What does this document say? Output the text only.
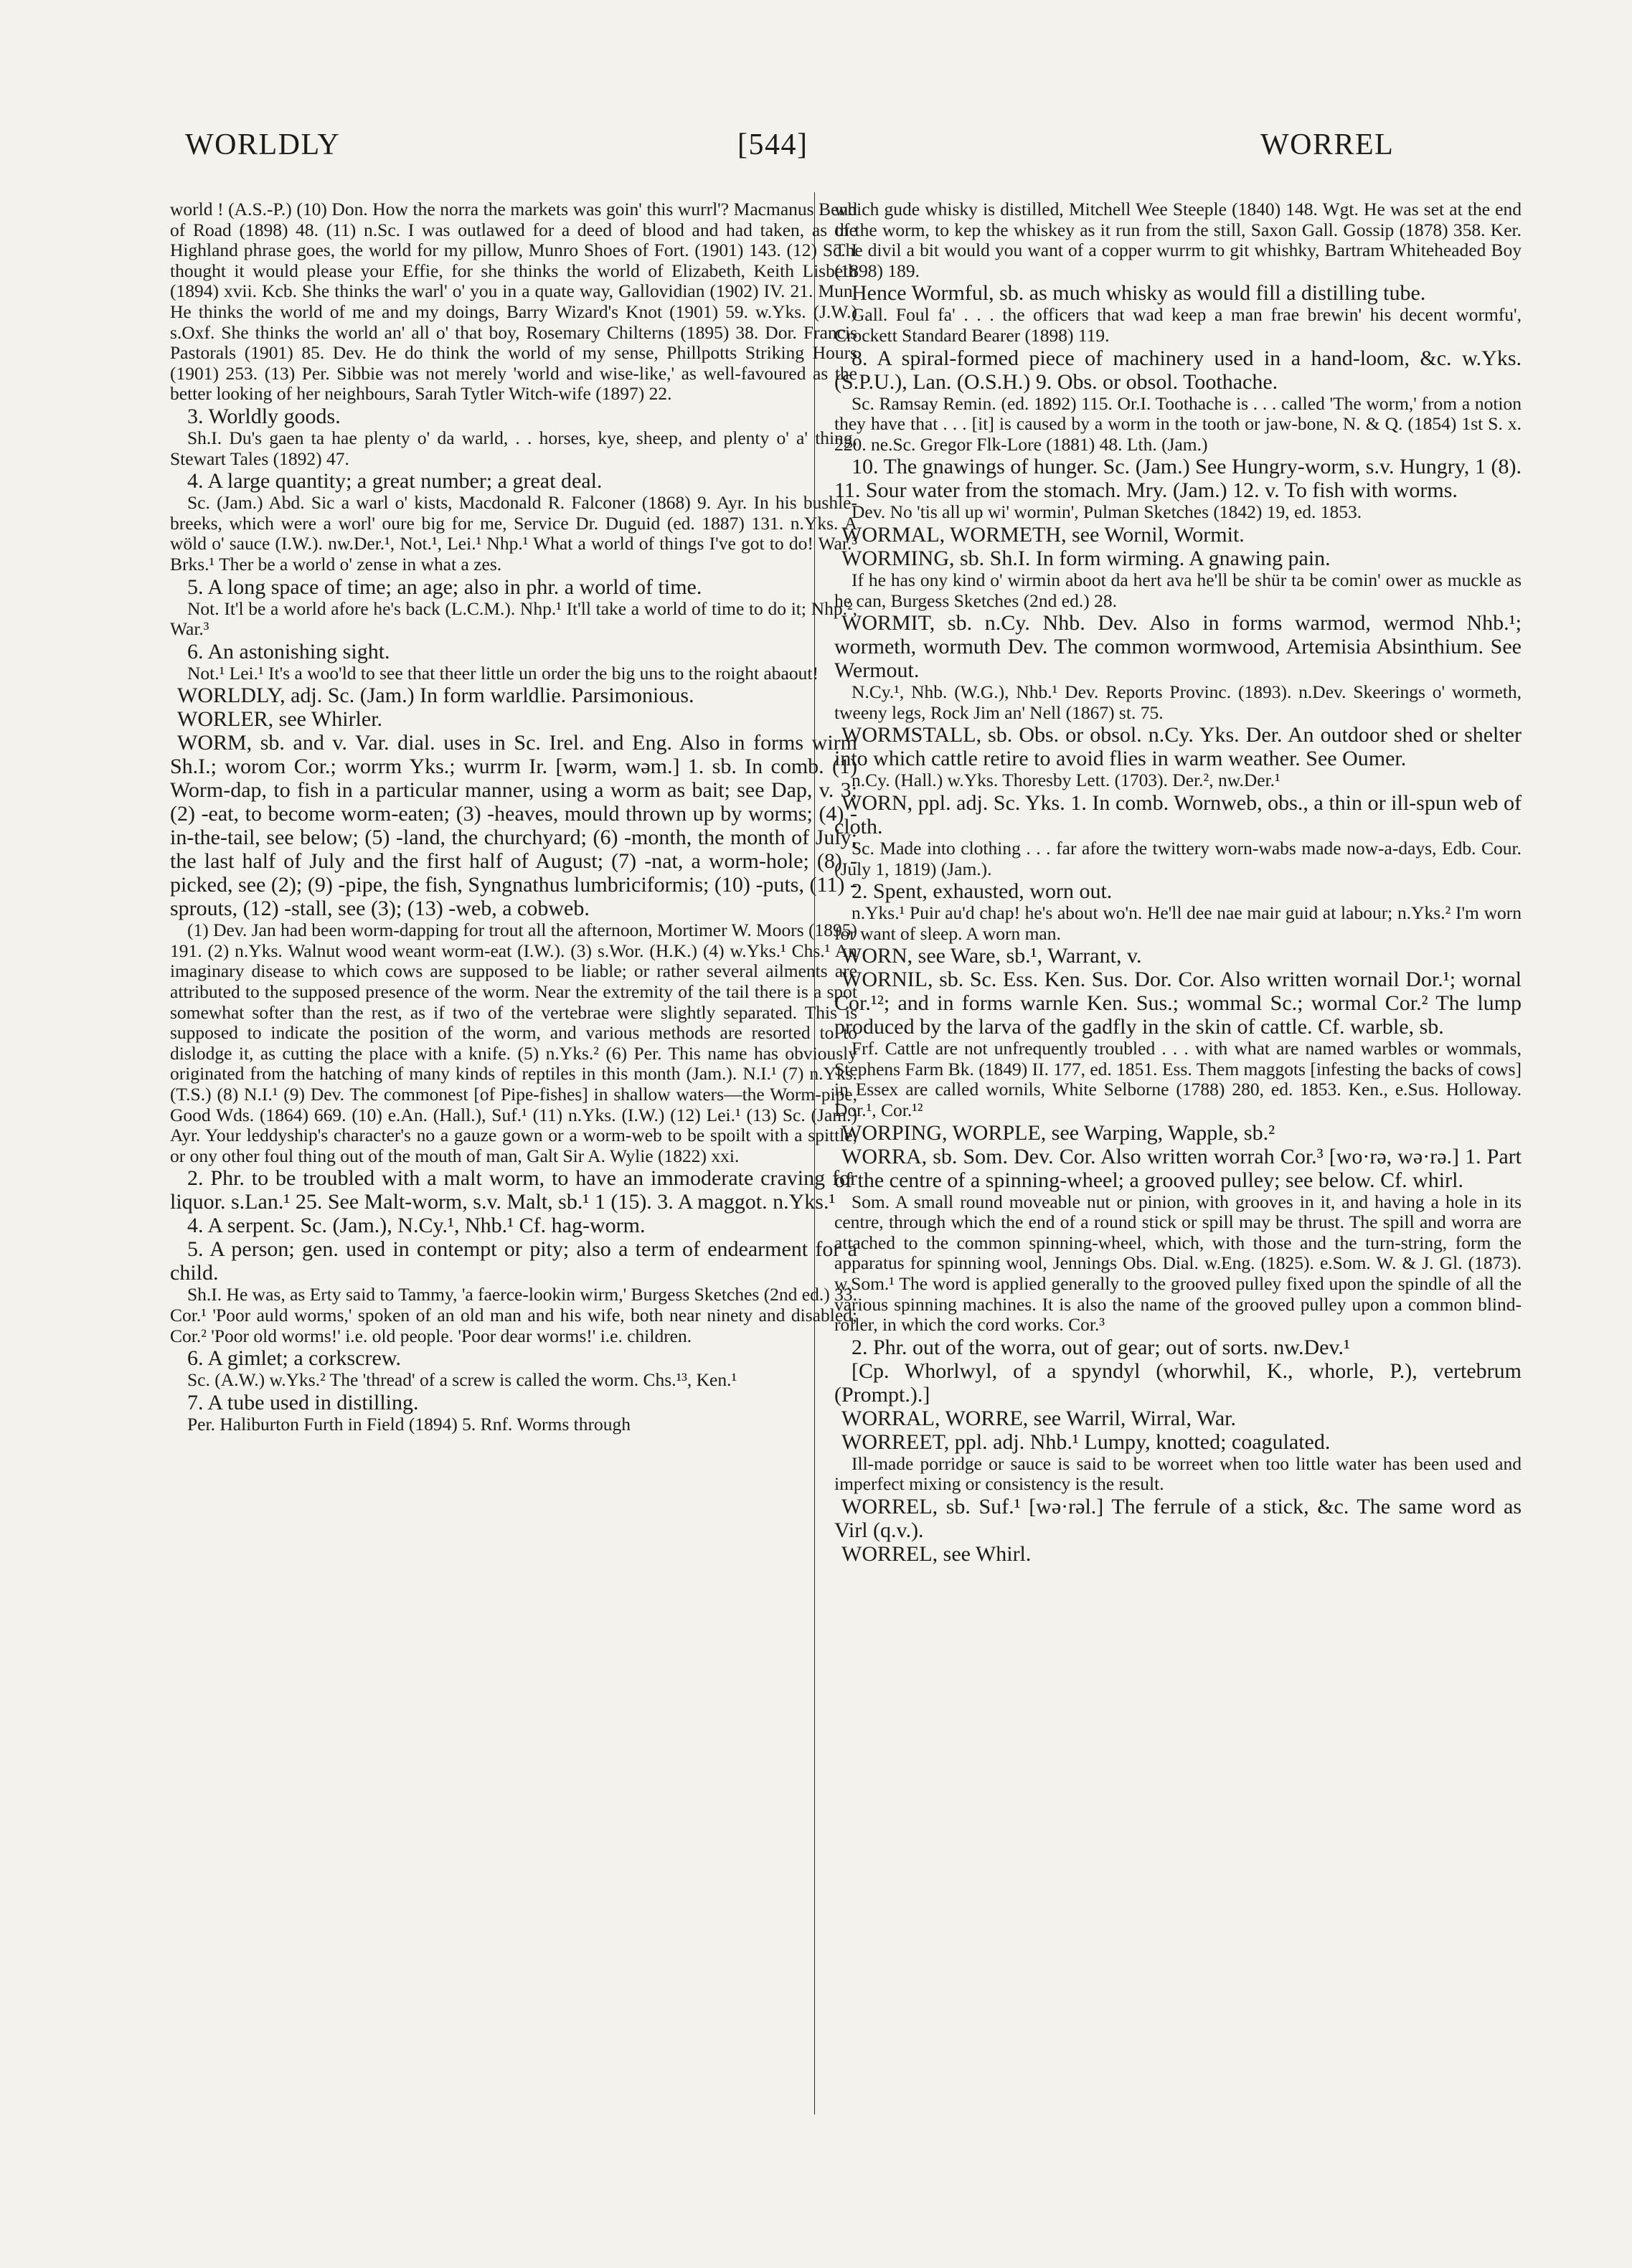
WORLDLY	[544]	WORREL

world ! (A.S.-P.) (10) Don. How the norra the markets was goin' this wurrl'? Macmanus Bend of Road (1898) 48. (11) n.Sc. I was outlawed for a deed of blood and had taken, as the Highland phrase goes, the world for my pillow, Munro Shoes of Fort. (1901) 143. (12) Sc. I thought it would please your Effie, for she thinks the world of Elizabeth, Keith Lisbeth (1894) xvii. Kcb. She thinks the warl' o' you in a quate way, Gallovidian (1902) IV. 21. Mun. He thinks the world of me and my doings, Barry Wizard's Knot (1901) 59. w.Yks. (J.W.) s.Oxf. She thinks the world an' all o' that boy, Rosemary Chilterns (1895) 38. Dor. Francis Pastorals (1901) 85. Dev. He do think the world of my sense, Phillpotts Striking Hours (1901) 253. (13) Per. Sibbie was not merely 'world and wise-like,' as well-favoured as the better looking of her neighbours, Sarah Tytler Witch-wife (1897) 22.

3. Worldly goods.

Sh.I. Du's gaen ta hae plenty o' da warld, . . horses, kye, sheep, and plenty o' a' thing, Stewart Tales (1892) 47.

4. A large quantity; a great number; a great deal.

Sc. (Jam.) Abd. Sic a warl o' kists, Macdonald R. Falconer (1868) 9. Ayr. In his bushle-breeks, which were a worl' oure big for me, Service Dr. Duguid (ed. 1887) 131. n.Yks. A wöld o' sauce (I.W.). nw.Der.¹, Not.¹, Lei.¹ Nhp.¹ What a world of things I've got to do! War.³ Brks.¹ Ther be a world o' zense in what a zes.

5. A long space of time; an age; also in phr. a world of time.

Not. It'l be a world afore he's back (L.C.M.). Nhp.¹ It'll take a world of time to do it; Nhp.², War.³

6. An astonishing sight.

Not.¹ Lei.¹ It's a woo'ld to see that theer little un order the big uns to the roight abaout!

WORLDLY, adj. Sc. (Jam.) In form warldlie. Parsimonious.

WORLER, see Whirler.

WORM, sb. and v. Var. dial. uses in Sc. Irel. and Eng. Also in forms wirm Sh.I.; worom Cor.; worrm Yks.; wurrm Ir. [wərm, wəm.] 1. sb. In comb. (1) Worm-dap, to fish in a particular manner, using a worm as bait; see Dap, v. 3; (2) -eat, to become worm-eaten; (3) -heaves, mould thrown up by worms; (4) -in-the-tail, see below; (5) -land, the churchyard; (6) -month, the month of July; the last half of July and the first half of August; (7) -nat, a worm-hole; (8) -picked, see (2); (9) -pipe, the fish, Syngnathus lumbriciformis; (10) -puts, (11) -sprouts, (12) -stall, see (3); (13) -web, a cobweb.

(1) Dev. Jan had been worm-dapping for trout all the afternoon, Mortimer W. Moors (1895) 191. (2) n.Yks. Walnut wood weant worm-eat (I.W.). (3) s.Wor. (H.K.) (4) w.Yks.¹ Chs.¹ An imaginary disease to which cows are supposed to be liable; or rather several ailments are attributed to the supposed presence of the worm. Near the extremity of the tail there is a spot somewhat softer than the rest, as if two of the vertebrae were slightly separated. This is supposed to indicate the position of the worm, and various methods are resorted to to dislodge it, as cutting the place with a knife. (5) n.Yks.² (6) Per. This name has obviously originated from the hatching of many kinds of reptiles in this month (Jam.). N.I.¹ (7) n.Yks. (T.S.) (8) N.I.¹ (9) Dev. The commonest [of Pipe-fishes] in shallow waters—the Worm-pipe, Good Wds. (1864) 669. (10) e.An. (Hall.), Suf.¹ (11) n.Yks. (I.W.) (12) Lei.¹ (13) Sc. (Jam.) Ayr. Your leddyship's character's no a gauze gown or a worm-web to be spoilt with a spittle, or ony other foul thing out of the mouth of man, Galt Sir A. Wylie (1822) xxi.

2. Phr. to be troubled with a malt worm, to have an immoderate craving for liquor. s.Lan.¹ 25. See Malt-worm, s.v. Malt, sb.¹ 1 (15). 3. A maggot. n.Yks.¹

4. A serpent. Sc. (Jam.), N.Cy.¹, Nhb.¹ Cf. hag-worm.

5. A person; gen. used in contempt or pity; also a term of endearment for a child.

Sh.I. He was, as Erty said to Tammy, 'a faerce-lookin wirm,' Burgess Sketches (2nd ed.) 33. Cor.¹ 'Poor auld worms,' spoken of an old man and his wife, both near ninety and disabled; Cor.² 'Poor old worms!' i.e. old people. 'Poor dear worms!' i.e. children.

6. A gimlet; a corkscrew.

Sc. (A.W.) w.Yks.² The 'thread' of a screw is called the worm. Chs.¹³, Ken.¹

7. A tube used in distilling.

Per. Haliburton Furth in Field (1894) 5. Rnf. Worms through

which gude whisky is distilled, Mitchell Wee Steeple (1840) 148. Wgt. He was set at the end of the worm, to kep the whiskey as it run from the still, Saxon Gall. Gossip (1878) 358. Ker. The divil a bit would you want of a copper wurrm to git whishky, Bartram Whiteheaded Boy (1898) 189.

Hence Wormful, sb. as much whisky as would fill a distilling tube.

Gall. Foul fa' . . . the officers that wad keep a man frae brewin' his decent wormfu', Crockett Standard Bearer (1898) 119.

8. A spiral-formed piece of machinery used in a hand-loom, &c. w.Yks. (S.P.U.), Lan. (O.S.H.) 9. Obs. or obsol. Toothache.

Sc. Ramsay Remin. (ed. 1892) 115. Or.I. Toothache is . . . called 'The worm,' from a notion they have that . . . [it] is caused by a worm in the tooth or jaw-bone, N. & Q. (1854) 1st S. x. 220. ne.Sc. Gregor Flk-Lore (1881) 48. Lth. (Jam.)

10. The gnawings of hunger. Sc. (Jam.) See Hungry-worm, s.v. Hungry, 1 (8). 11. Sour water from the stomach. Mry. (Jam.) 12. v. To fish with worms.

Dev. No 'tis all up wi' wormin', Pulman Sketches (1842) 19, ed. 1853.

WORMAL, WORMETH, see Wornil, Wormit.

WORMING, sb. Sh.I. In form wirming. A gnawing pain.

If he has ony kind o' wirmin aboot da hert ava he'll be shür ta be comin' ower as muckle as he can, Burgess Sketches (2nd ed.) 28.

WORMIT, sb. n.Cy. Nhb. Dev. Also in forms warmod, wermod Nhb.¹; wormeth, wormuth Dev. The common wormwood, Artemisia Absinthium. See Wermout.

N.Cy.¹, Nhb. (W.G.), Nhb.¹ Dev. Reports Provinc. (1893). n.Dev. Skeerings o' wormeth, tweeny legs, Rock Jim an' Nell (1867) st. 75.

WORMSTALL, sb. Obs. or obsol. n.Cy. Yks. Der. An outdoor shed or shelter into which cattle retire to avoid flies in warm weather. See Oumer.

n.Cy. (Hall.) w.Yks. Thoresby Lett. (1703). Der.², nw.Der.¹

WORN, ppl. adj. Sc. Yks. 1. In comb. Wornweb, obs., a thin or ill-spun web of cloth.

Sc. Made into clothing . . . far afore the twittery worn-wabs made now-a-days, Edb. Cour. (July 1, 1819) (Jam.).

2. Spent, exhausted, worn out.

n.Yks.¹ Puir au'd chap! he's about wo'n. He'll dee nae mair guid at labour; n.Yks.² I'm worn for want of sleep. A worn man.

WORN, see Ware, sb.¹, Warrant, v.

WORNIL, sb. Sc. Ess. Ken. Sus. Dor. Cor. Also written wornail Dor.¹; wornal Cor.¹²; and in forms warnle Ken. Sus.; wommal Sc.; wormal Cor.² The lump produced by the larva of the gadfly in the skin of cattle. Cf. warble, sb.

Frf. Cattle are not unfrequently troubled . . . with what are named warbles or wommals, Stephens Farm Bk. (1849) II. 177, ed. 1851. Ess. Them maggots [infesting the backs of cows] in Essex are called wornils, White Selborne (1788) 280, ed. 1853. Ken., e.Sus. Holloway. Dor.¹, Cor.¹²

WORPING, WORPLE, see Warping, Wapple, sb.²

WORRA, sb. Som. Dev. Cor. Also written worrah Cor.³ [wo·rə, wə·rə.] 1. Part of the centre of a spinning-wheel; a grooved pulley; see below. Cf. whirl.

Som. A small round moveable nut or pinion, with grooves in it, and having a hole in its centre, through which the end of a round stick or spill may be thrust. The spill and worra are attached to the common spinning-wheel, which, with those and the turn-string, form the apparatus for spinning wool, Jennings Obs. Dial. w.Eng. (1825). e.Som. W. & J. Gl. (1873). w.Som.¹ The word is applied generally to the grooved pulley fixed upon the spindle of all the various spinning machines. It is also the name of the grooved pulley upon a common blind-roller, in which the cord works. Cor.³

2. Phr. out of the worra, out of gear; out of sorts. nw.Dev.¹

[Cp. Whorlwyl, of a spyndyl (whorwhil, K., whorle, P.), vertebrum (Prompt.).]

WORRAL, WORRE, see Warril, Wirral, War.

WORREET, ppl. adj. Nhb.¹ Lumpy, knotted; coagulated.

Ill-made porridge or sauce is said to be worreet when too little water has been used and imperfect mixing or consistency is the result.

WORREL, sb. Suf.¹ [wə·rəl.] The ferrule of a stick, &c. The same word as Virl (q.v.).

WORREL, see Whirl.
